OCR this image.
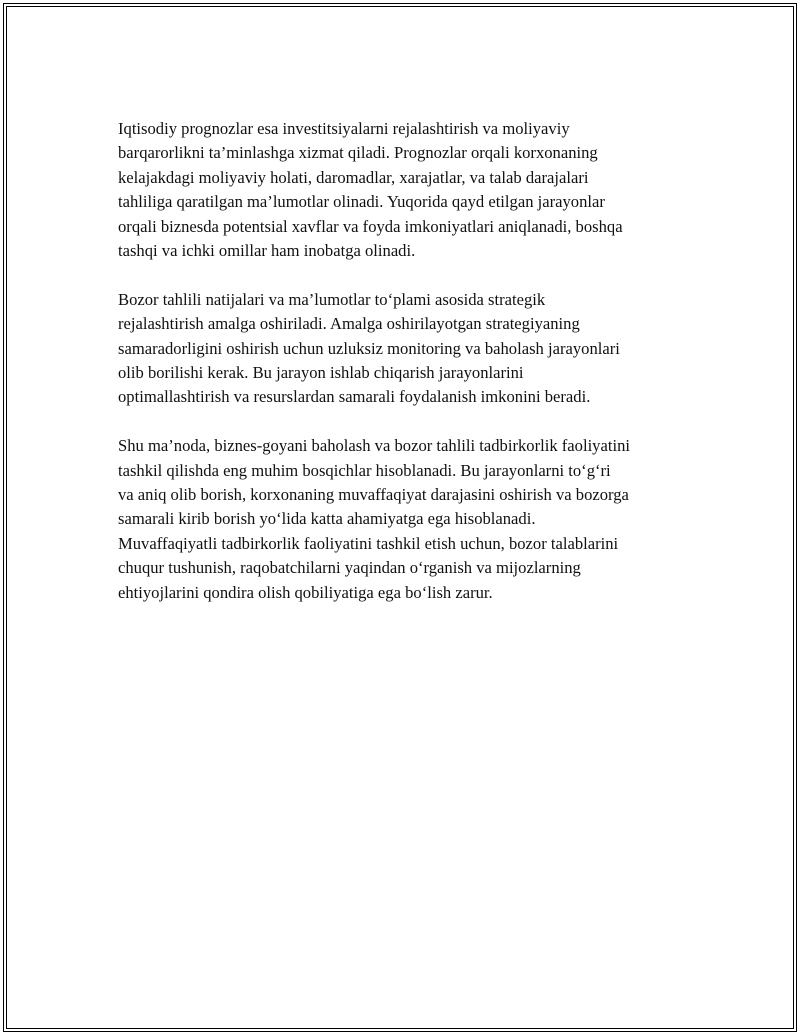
Iqtisodiy prognozlar esa investitsiyalarni rejalashtirish va moliyaviy
barqarorlikni ta’minlashga xizmat qiladi. Prognozlar orqali korxonaning
kelajakdagi moliyaviy holati, daromadlar, xarajatlar, va talab darajalari
tahliliga qaratilgan ma’lumotlar olinadi. Yuqorida qayd etilgan jarayonlar
orqali biznesda potentsial xavflar va foyda imkoniyatlari aniqlanadi, boshqa
tashqi va ichki omillar ham inobatga olinadi.

Bozor tahlili natijalari va ma’lumotlar to‘plami asosida strategik
rejalashtirish amalga oshiriladi. Amalga oshirilayotgan strategiyaning
samaradorligini oshirish uchun uzluksiz monitoring va baholash jarayonlari
olib borilishi kerak. Bu jarayon ishlab chiqarish jarayonlarini
optimallashtirish va resurslardan samarali foydalanish imkonini beradi.

Shu ma’noda, biznes-goyani baholash va bozor tahlili tadbirkorlik faoliyatini
tashkil qilishda eng muhim bosqichlar hisoblanadi. Bu jarayonlarni to‘g‘ri
va aniq olib borish, korxonaning muvaffaqiyat darajasini oshirish va bozorga
samarali kirib borish yo‘lida katta ahamiyatga ega hisoblanadi.
Muvaffaqiyatli tadbirkorlik faoliyatini tashkil etish uchun, bozor talablarini
chuqur tushunish, raqobatchilarni yaqindan o‘rganish va mijozlarning
ehtiyojlarini qondira olish qobiliyatiga ega bo‘lish zarur.
